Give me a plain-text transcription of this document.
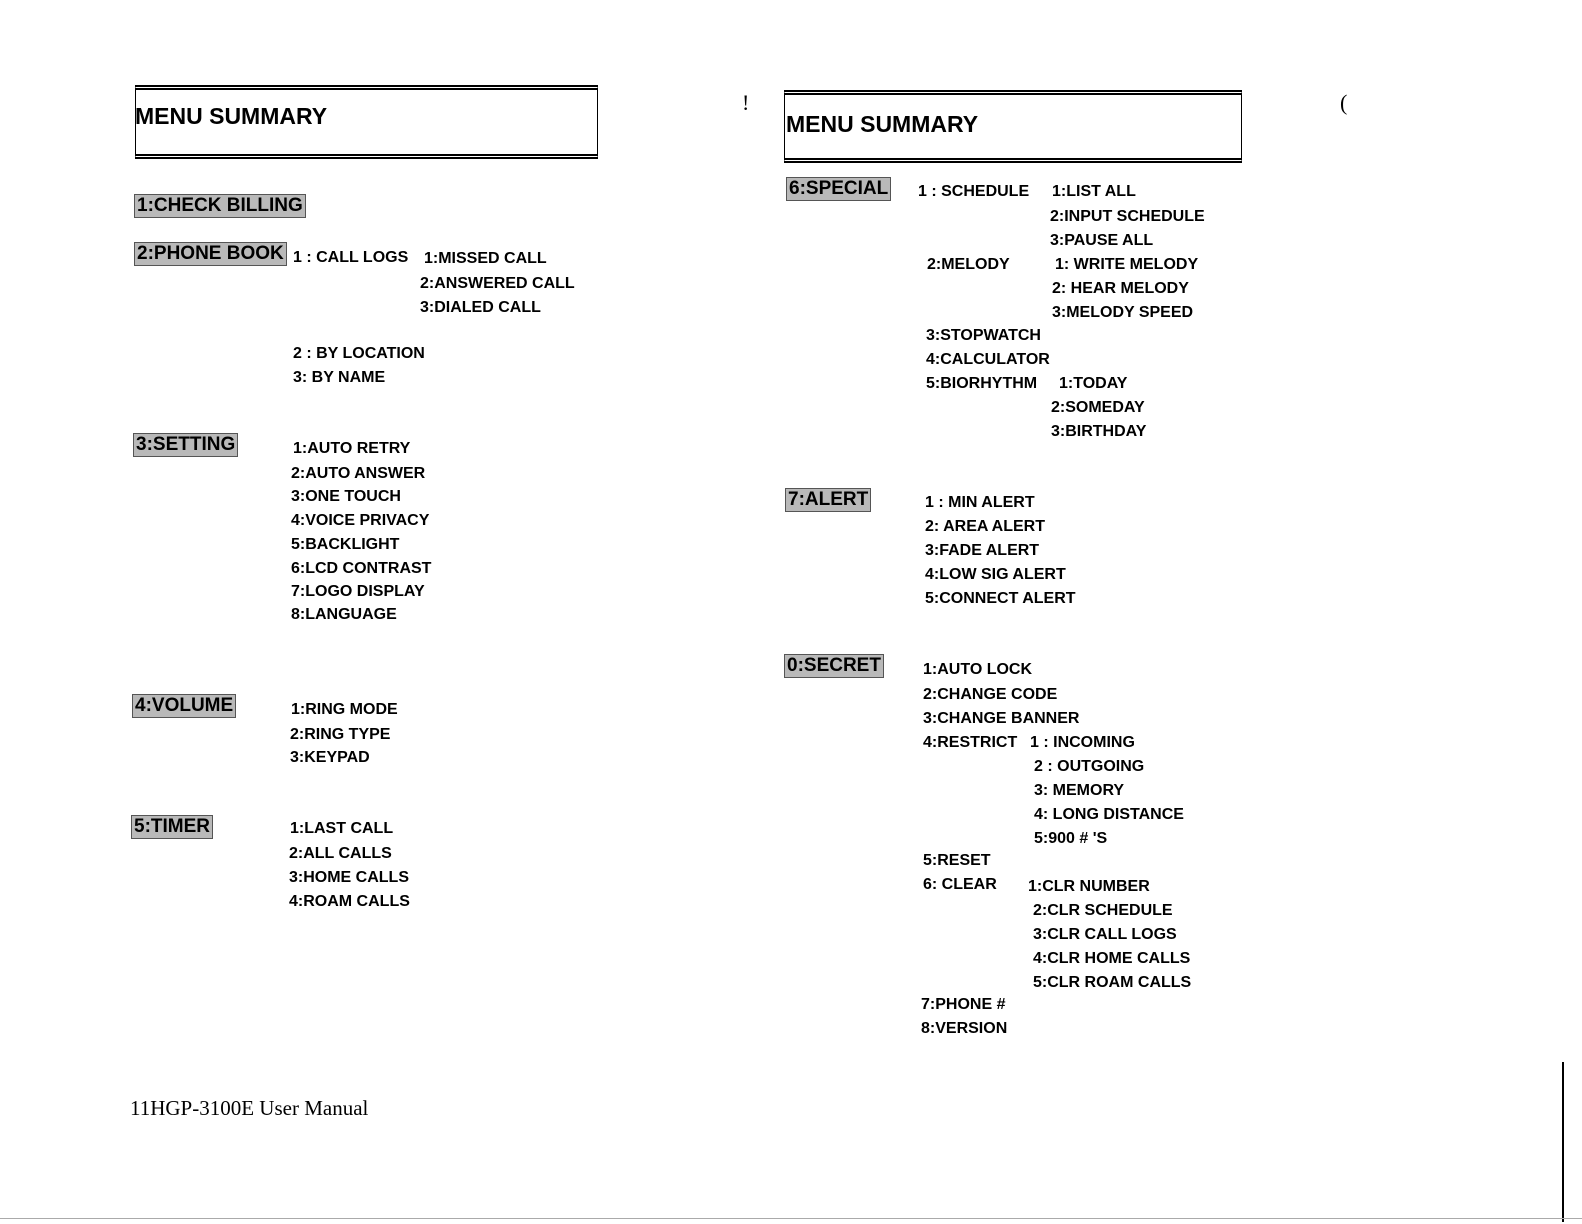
MENU SUMMARY	MENU SUMMARY
!	(
1:CHECK BILLING
2:PHONE BOOK 1 : CALL LOGS 1:MISSED CALL
2:ANSWERED CALL
3:DIALED CALL
2 : BY LOCATION
3: BY NAME
3:SETTING	1:AUTO RETRY
2:AUTO ANSWER
3:ONE TOUCH
4:VOICE PRIVACY
5:BACKLIGHT
6:LCD CONTRAST
7:LOGO DISPLAY
8:LANGUAGE
4:VOLUME	1:RING MODE
2:RING TYPE
3:KEYPAD
5:TIMER	1:LAST CALL
2:ALL CALLS
3:HOME CALLS
4:ROAM CALLS
6:SPECIAL 1 : SCHEDULE 1:LIST ALL
2:INPUT SCHEDULE
3:PAUSE ALL
2:MELODY	1: WRITE MELODY
2: HEAR MELODY
3:MELODY SPEED
3:STOPWATCH
4:CALCULATOR
5:BIORHYTHM 1:TODAY
2:SOMEDAY
3:BIRTHDAY
7:ALERT	1 : MIN ALERT
2: AREA ALERT
3:FADE ALERT
4:LOW SIG ALERT
5:CONNECT ALERT
0:SECRET	1:AUTO LOCK
2:CHANGE CODE
3:CHANGE BANNER
4:RESTRICT 1 : INCOMING
2 : OUTGOING
3: MEMORY
4: LONG DISTANCE
5:900 # 'S
5:RESET
6: CLEAR 1:CLR NUMBER
2:CLR SCHEDULE
3:CLR CALL LOGS
4:CLR HOME CALLS
5:CLR ROAM CALLS
7:PHONE #
8:VERSION
11HGP-3100E User Manual
